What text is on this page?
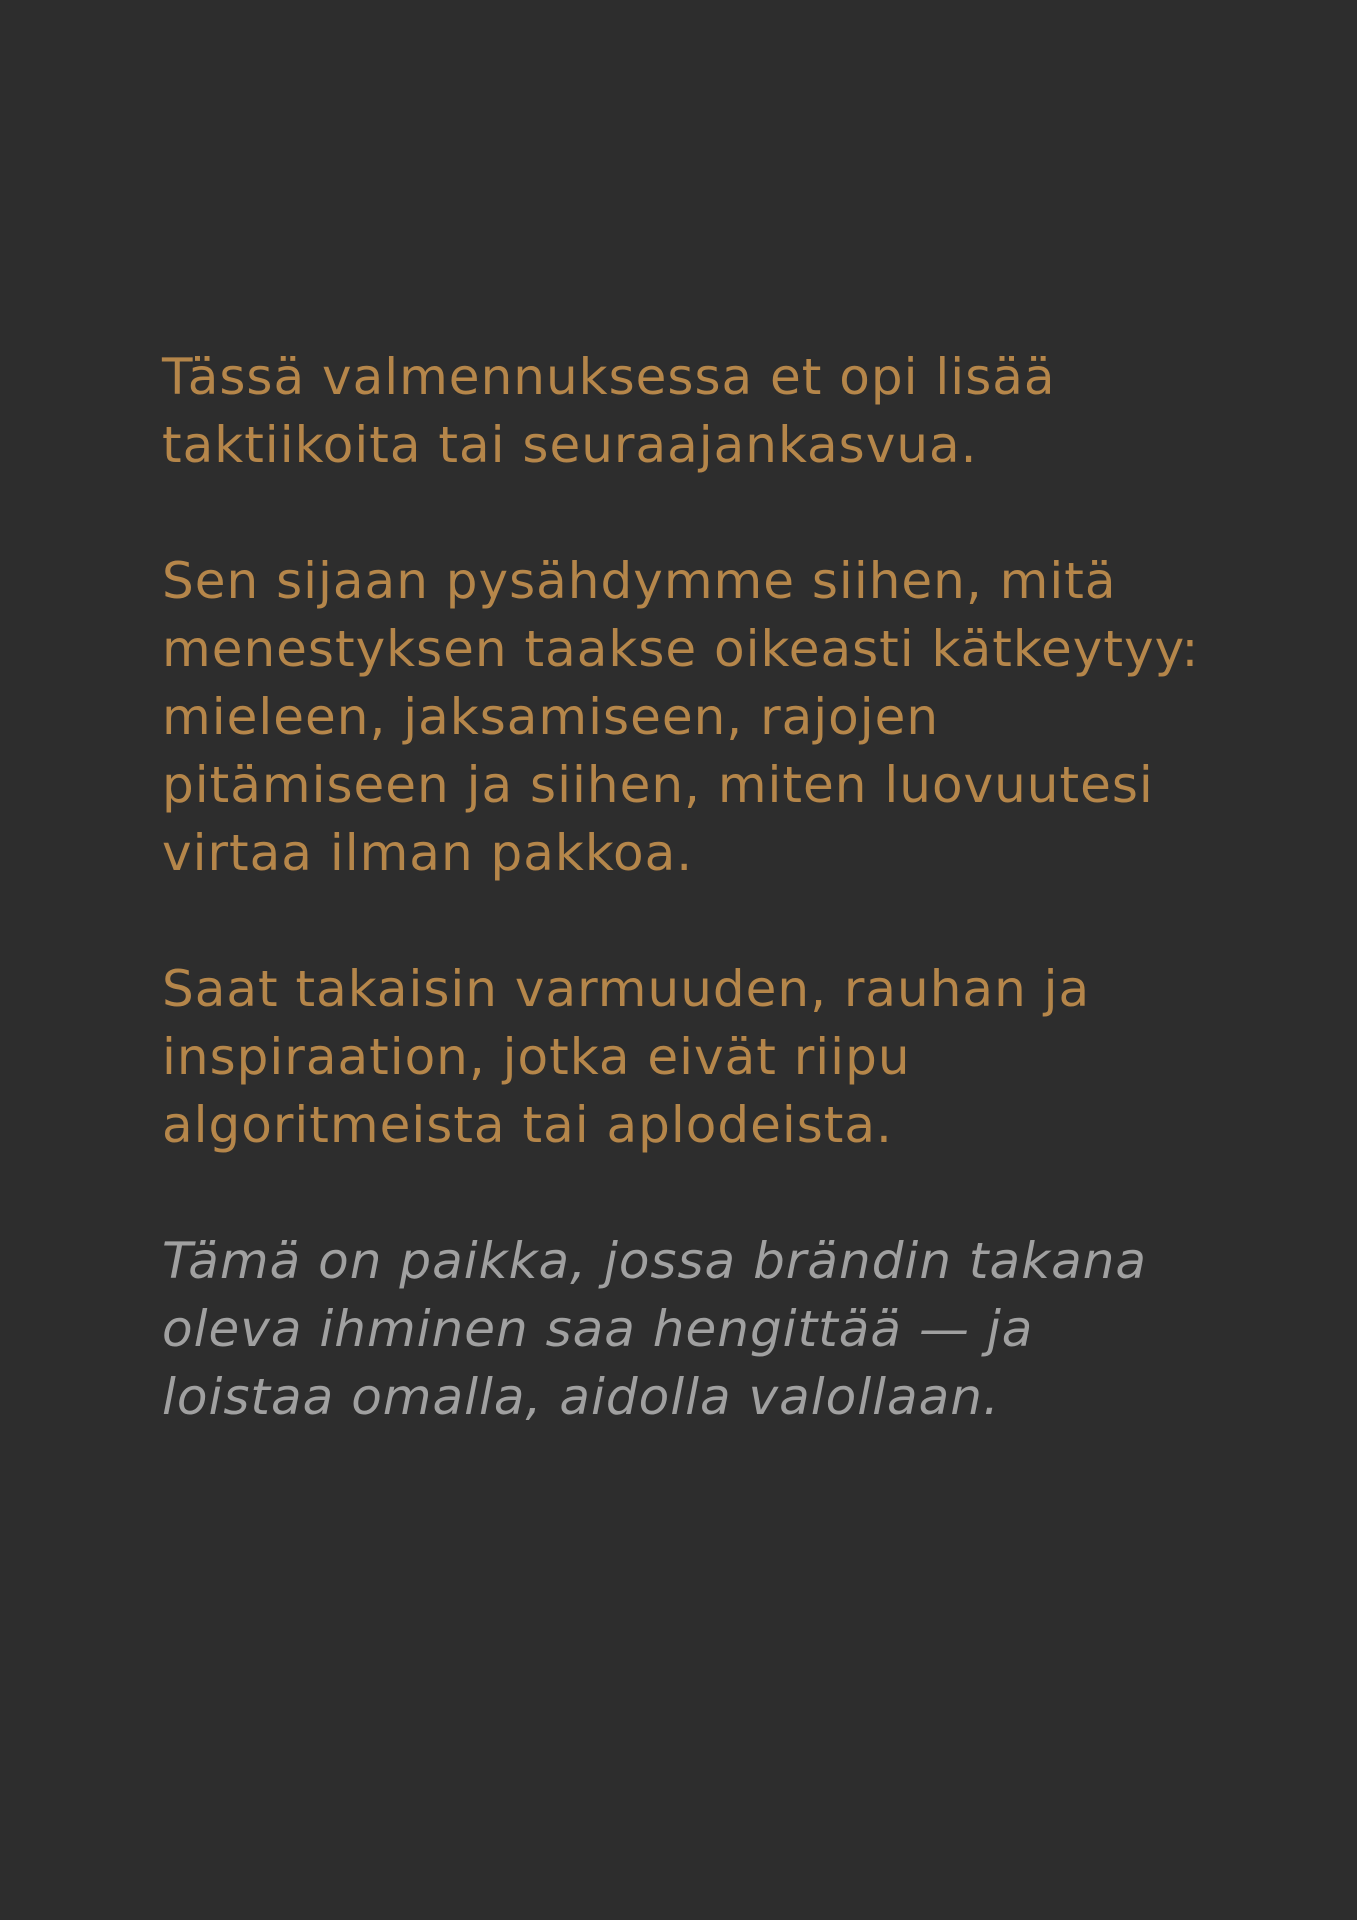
Tässä valmennuksessa et opi lisää
taktiikoita tai seuraajankasvua.

Sen sijaan pysähdymme siihen, mitä
menestyksen taakse oikeasti kätkeytyy:
mieleen, jaksamiseen, rajojen
pitämiseen ja siihen, miten luovuutesi
virtaa ilman pakkoa.

Saat takaisin varmuuden, rauhan ja
inspiraation, jotka eivät riipu
algoritmeista tai aplodeista.

Tämä on paikka, jossa brändin takana
oleva ihminen saa hengittää — ja
loistaa omalla, aidolla valollaan.
